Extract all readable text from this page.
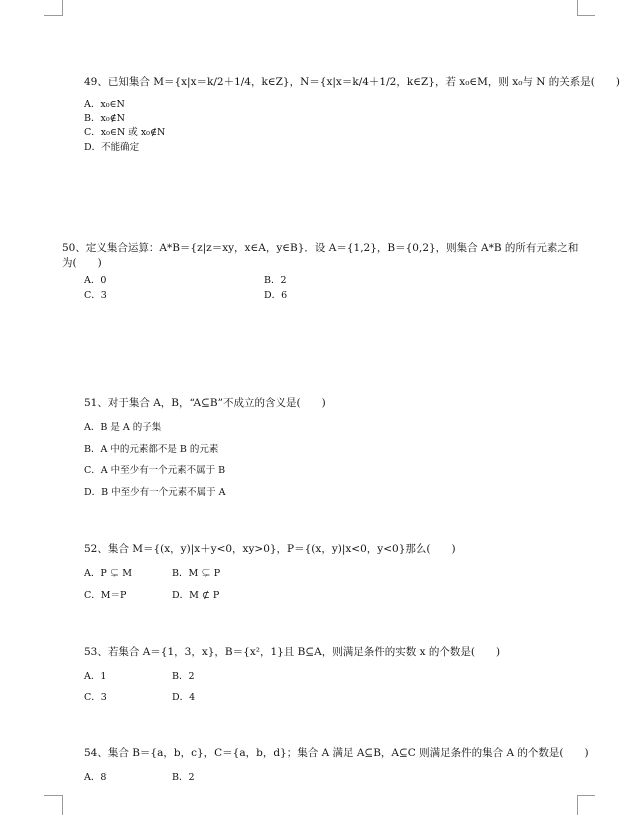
49、已知集合 M＝{x|x＝k/2＋1/4，k∈Z}，N＝{x|x＝k/4＋1/2，k∈Z}，若 x₀∈M，则 x₀与 N 的关系是(　　)
A．x₀∈N
B．x₀∉N
C．x₀∈N 或 x₀∉N
D．不能确定
50、定义集合运算：A*B＝{z|z＝xy，x∈A，y∈B}．设 A＝{1,2}，B＝{0,2}，则集合 A*B 的所有元素之和为(　　)
A．0	B．2
C．3	D．6
51、对于集合 A，B，“A⊆B”不成立的含义是(　　)
A．B 是 A 的子集
B．A 中的元素都不是 B 的元素
C．A 中至少有一个元素不属于 B
D．B 中至少有一个元素不属于 A
52、集合 M＝{(x，y)|x＋y<0，xy>0}，P＝{(x，y)|x<0，y<0}那么(　　)
A．P ⊊ M	B．M ⊊ P
C．M＝P	D．M ⊄ P
53、若集合 A＝{1，3，x}，B＝{x²，1}且 B⊆A，则满足条件的实数 x 的个数是(　　)
A．1	B．2
C．3	D．4
54、集合 B＝{a，b，c}，C＝{a，b，d}；集合 A 满足 A⊆B，A⊆C 则满足条件的集合 A 的个数是(　　)
A．8	B．2
